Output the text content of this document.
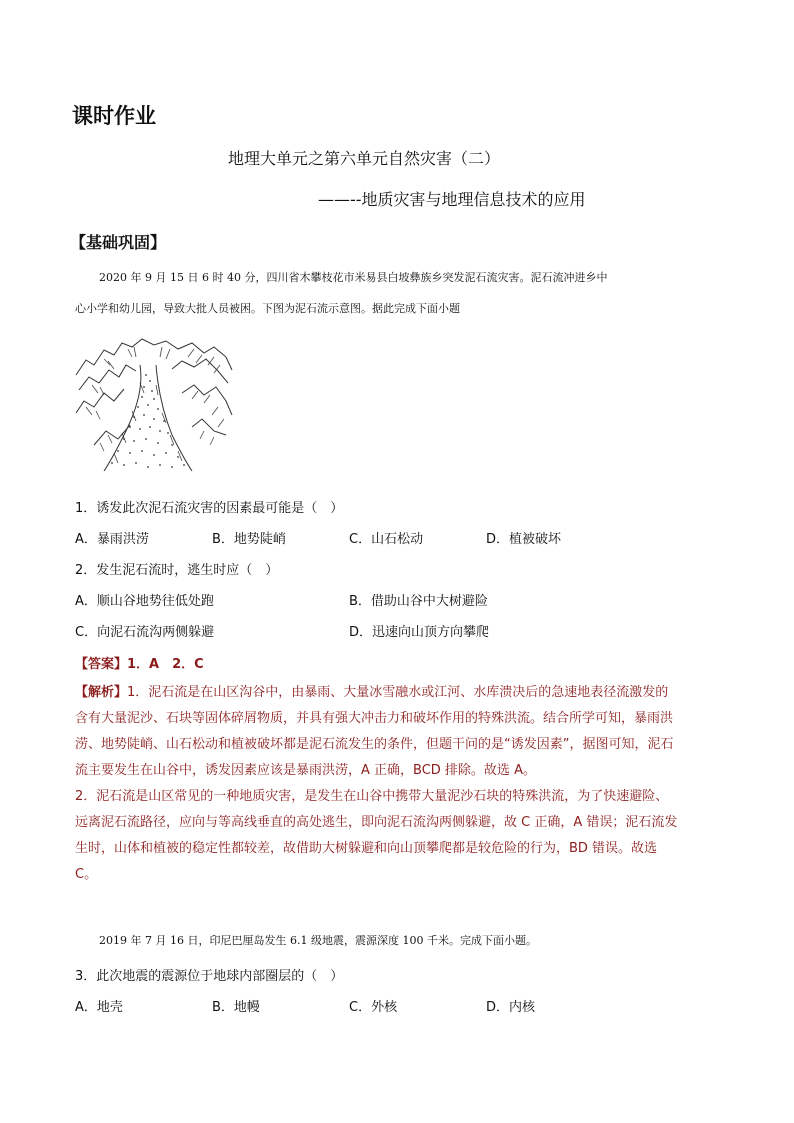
课时作业
地理大单元之第六单元自然灾害（二）
——--地质灾害与地理信息技术的应用
【基础巩固】

2020 年 9 月 15 日 6 时 40 分，四川省木攀枝花市米易县白坡彝族乡突发泥石流灾害。泥石流冲进乡中

心小学和幼儿园，导致大批人员被困。下图为泥石流示意图。据此完成下面小题

1．诱发此次泥石流灾害的因素最可能是（　）
A．暴雨洪涝	B．地势陡峭	C．山石松动	D．植被破坏
2．发生泥石流时，逃生时应（　）
A．顺山谷地势往低处跑	B．借助山谷中大树避险
C．向泥石流沟两侧躲避	D．迅速向山顶方向攀爬
【答案】1．A　2．C

【解析】1．泥石流是在山区沟谷中，由暴雨、大量冰雪融水或江河、水库溃决后的急速地表径流激发的

含有大量泥沙、石块等固体碎屑物质，并具有强大冲击力和破坏作用的特殊洪流。结合所学可知，暴雨洪

涝、地势陡峭、山石松动和植被破坏都是泥石流发生的条件，但题干问的是“诱发因素”，据图可知，泥石

流主要发生在山谷中，诱发因素应该是暴雨洪涝，A 正确，BCD 排除。故选 A。

2．泥石流是山区常见的一种地质灾害，是发生在山谷中携带大量泥沙石块的特殊洪流，为了快速避险、

远离泥石流路径，应向与等高线垂直的高处逃生，即向泥石流沟两侧躲避，故 C 正确，A 错误；泥石流发

生时，山体和植被的稳定性都较差，故借助大树躲避和向山顶攀爬都是较危险的行为，BD 错误。故选

C。

2019 年 7 月 16 日，印尼巴厘岛发生 6.1 级地震，震源深度 100 千米。完成下面小题。

3．此次地震的震源位于地球内部圈层的（　）
A．地壳	B．地幔	C．外核	D．内核
